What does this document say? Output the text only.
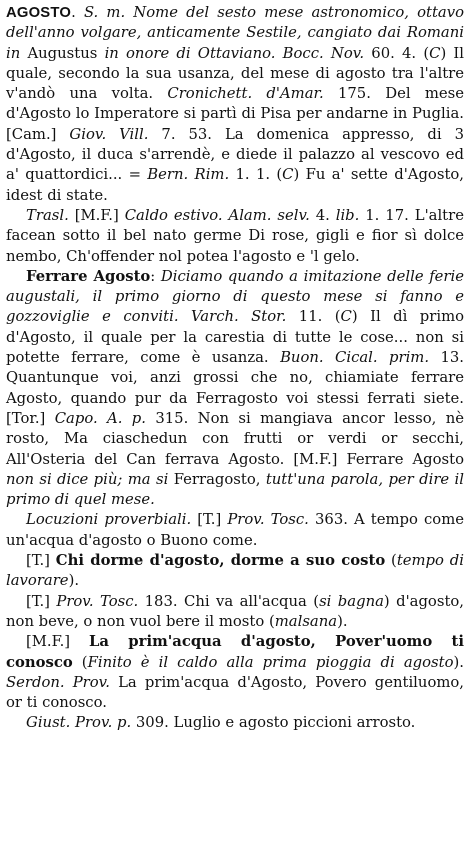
AGOSTO. S. m. Nome del sesto mese astronomico, ottavo dell'anno volgare, anticamente Sestile, cangiato dai Romani in Augustus in onore di Ottaviano. Bocc. Nov. 60. 4. (C) Il quale, secondo la sua usanza, del mese di agosto tra l'altre v'andò una volta. Cronichett. d'Amar. 175. Del mese d'Agosto lo Imperatore si partì di Pisa per andarne in Puglia. [Cam.] Giov. Vill. 7. 53. La domenica appresso, di 3 d'Agosto, il duca s'arrendè, e diede il palazzo al vescovo ed a' quattordici... = Bern. Rim. 1. 1. (C) Fu a' sette d'Agosto, idest di state.

Trasl. [M.F.] Caldo estivo. Alam. selv. 4. lib. 1. 17. L'altre facean sotto il bel nato germe Di rose, gigli e fior sì dolce nembo, Ch'offender nol potea l'agosto e 'l gelo.

Ferrare Agosto: Diciamo quando a imitazione delle ferie augustali, il primo giorno di questo mese si fanno e gozzoviglie e conviti. Varch. Stor. 11. (C) Il dì primo d'Agosto, il quale per la carestia di tutte le cose... non si potette ferrare, come è usanza. Buon. Cical. prim. 13. Quantunque voi, anzi grossi che no, chiamiate ferrare Agosto, quando pur da Ferragosto voi stessi ferrati siete. [Tor.] Capo. A. p. 315. Non si mangiava ancor lesso, nè rosto, Ma ciaschedun con frutti or verdi or secchi, All'Osteria del Can ferrava Agosto. [M.F.] Ferrare Agosto non si dice più; ma si Ferragosto, tutt'una parola, per dire il primo di quel mese.

Locuzioni proverbiali. [T.] Prov. Tosc. 363. A tempo come un'acqua d'agosto o Buono come.

[T.] Chi dorme d'agosto, dorme a suo costo (tempo di lavorare).

[T.] Prov. Tosc. 183. Chi va all'acqua (si bagna) d'agosto, non beve, o non vuol bere il mosto (malsana).

[M.F.] La prim'acqua d'agosto, Pover'uomo ti conosco (Finito è il caldo alla prima pioggia di agosto). Serdon. Prov. La prim'acqua d'Agosto, Povero gentiluomo, or ti conosco.

Giust. Prov. p. 309. Luglio e agosto piccioni arrosto.
